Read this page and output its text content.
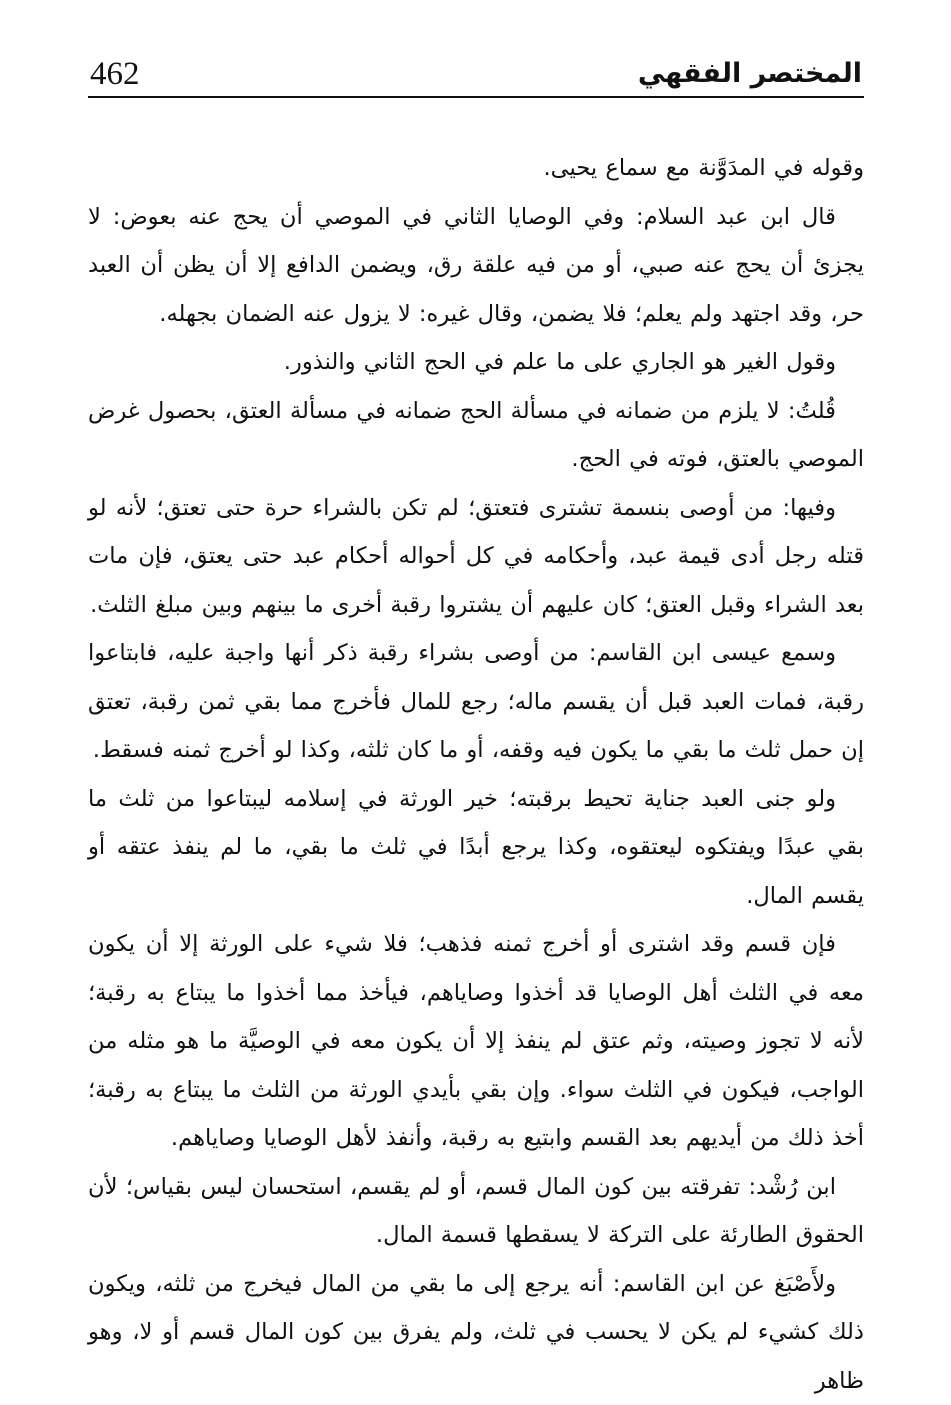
462	المختصر الفقهي

وقوله في المدَوَّنة مع سماع يحيى.

قال ابن عبد السلام: وفي الوصايا الثاني في الموصي أن يحج عنه بعوض: لا يجزئ أن يحج عنه صبي، أو من فيه علقة رق، ويضمن الدافع إلا أن يظن أن العبد حر، وقد اجتهد ولم يعلم؛ فلا يضمن، وقال غيره: لا يزول عنه الضمان بجهله.

وقول الغير هو الجاري على ما علم في الحج الثاني والنذور.

قُلتُ: لا يلزم من ضمانه في مسألة الحج ضمانه في مسألة العتق، بحصول غرض الموصي بالعتق، فوته في الحج.

وفيها: من أوصى بنسمة تشترى فتعتق؛ لم تكن بالشراء حرة حتى تعتق؛ لأنه لو قتله رجل أدى قيمة عبد، وأحكامه في كل أحواله أحكام عبد حتى يعتق، فإن مات بعد الشراء وقبل العتق؛ كان عليهم أن يشتروا رقبة أخرى ما بينهم وبين مبلغ الثلث.

وسمع عيسى ابن القاسم: من أوصى بشراء رقبة ذكر أنها واجبة عليه، فابتاعوا رقبة، فمات العبد قبل أن يقسم ماله؛ رجع للمال فأخرج مما بقي ثمن رقبة، تعتق إن حمل ثلث ما بقي ما يكون فيه وقفه، أو ما كان ثلثه، وكذا لو أخرج ثمنه فسقط.

ولو جنى العبد جناية تحيط برقبته؛ خير الورثة في إسلامه ليبتاعوا من ثلث ما بقي عبدًا ويفتكوه ليعتقوه، وكذا يرجع أبدًا في ثلث ما بقي، ما لم ينفذ عتقه أو يقسم المال.

فإن قسم وقد اشترى أو أخرج ثمنه فذهب؛ فلا شيء على الورثة إلا أن يكون معه في الثلث أهل الوصايا قد أخذوا وصاياهم، فيأخذ مما أخذوا ما يبتاع به رقبة؛ لأنه لا تجوز وصيته، وثم عتق لم ينفذ إلا أن يكون معه في الوصيَّة ما هو مثله من الواجب، فيكون في الثلث سواء. وإن بقي بأيدي الورثة من الثلث ما يبتاع به رقبة؛ أخذ ذلك من أيديهم بعد القسم وابتيع به رقبة، وأنفذ لأهل الوصايا وصاياهم.

ابن رُشْد: تفرقته بين كون المال قسم، أو لم يقسم، استحسان ليس بقياس؛ لأن الحقوق الطارئة على التركة لا يسقطها قسمة المال.

ولأَصْبَغ عن ابن القاسم: أنه يرجع إلى ما بقي من المال فيخرج من ثلثه، ويكون ذلك كشيء لم يكن لا يحسب في ثلث، ولم يفرق بين كون المال قسم أو لا، وهو ظاهر
